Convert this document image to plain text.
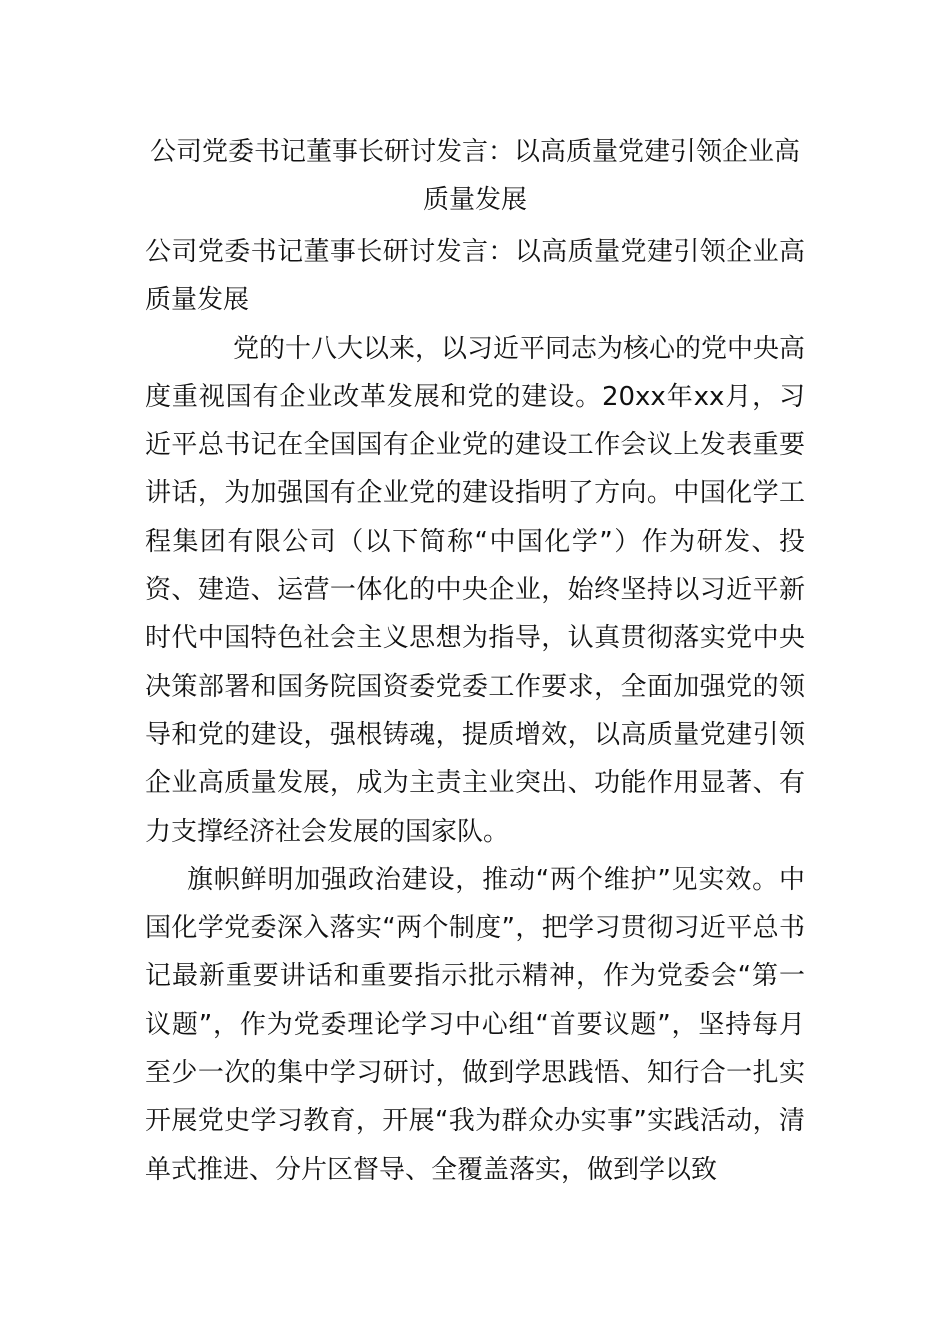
公司党委书记董事长研讨发言：以高质量党建引领企业高质量发展

公司党委书记董事长研讨发言：以高质量党建引领企业高质量发展

党的十八大以来，以习近平同志为核心的党中央高度重视国有企业改革发展和党的建设。20xx年xx月，习近平总书记在全国国有企业党的建设工作会议上发表重要讲话，为加强国有企业党的建设指明了方向。中国化学工程集团有限公司（以下简称“中国化学”）作为研发、投资、建造、运营一体化的中央企业，始终坚持以习近平新时代中国特色社会主义思想为指导，认真贯彻落实党中央决策部署和国务院国资委党委工作要求，全面加强党的领导和党的建设，强根铸魂，提质增效，以高质量党建引领企业高质量发展，成为主责主业突出、功能作用显著、有力支撑经济社会发展的国家队。

旗帜鲜明加强政治建设，推动“两个维护”见实效。中国化学党委深入落实“两个制度”，把学习贯彻习近平总书记最新重要讲话和重要指示批示精神，作为党委会“第一议题”，作为党委理论学习中心组“首要议题”，坚持每月至少一次的集中学习研讨，做到学思践悟、知行合一扎实开展党史学习教育，开展“我为群众办实事”实践活动，清单式推进、分片区督导、全覆盖落实，做到学以致
